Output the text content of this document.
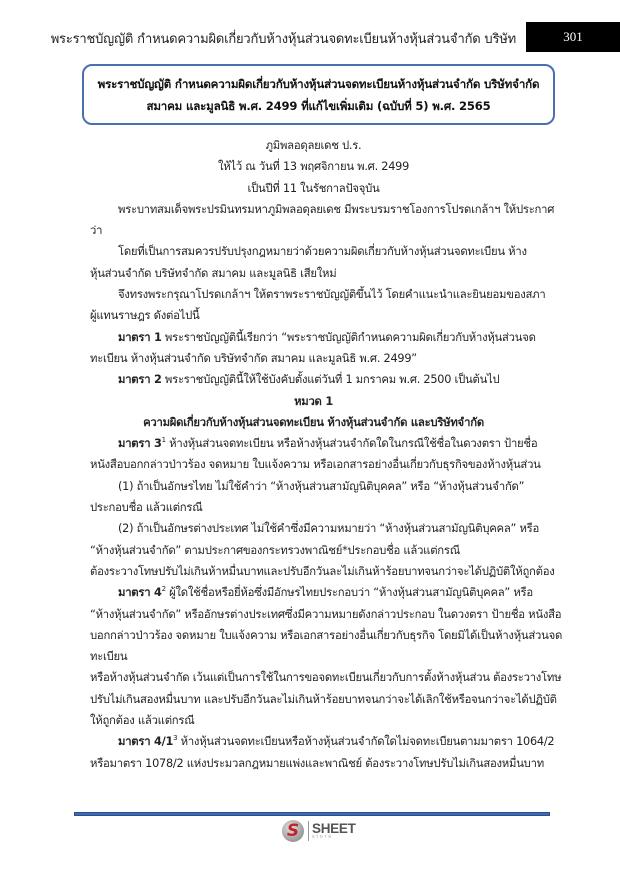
พระราชบัญญัติ กำหนดความผิดเกี่ยวกับห้างหุ้นส่วนจดทะเบียนห้างหุ้นส่วนจำกัด บริษัท	301
พระราชบัญญัติ กำหนดความผิดเกี่ยวกับห้างหุ้นส่วนจดทะเบียนห้างหุ้นส่วนจำกัด บริษัทจำกัด
สมาคม และมูลนิธิ พ.ศ. 2499 ที่แก้ไขเพิ่มเติม (ฉบับที่ 5) พ.ศ. 2565
ภูมิพลอดุลยเดช ป.ร.
ให้ไว้ ณ วันที่ 13 พฤศจิกายน พ.ศ. 2499
เป็นปีที่ 11 ในรัชกาลปัจจุบัน
พระบาทสมเด็จพระปรมินทรมหาภูมิพลอดุลยเดช มีพระบรมราชโองการโปรดเกล้าฯ ให้ประกาศ
ว่า
โดยที่เป็นการสมควรปรับปรุงกฎหมายว่าด้วยความผิดเกี่ยวกับห้างหุ้นส่วนจดทะเบียน ห้าง
หุ้นส่วนจำกัด บริษัทจำกัด สมาคม และมูลนิธิ เสียใหม่
จึงทรงพระกรุณาโปรดเกล้าฯ ให้ตราพระราชบัญญัติขึ้นไว้ โดยคำแนะนำและยินยอมของสภา
ผู้แทนราษฎร ดังต่อไปนี้
มาตรา 1 พระราชบัญญัตินี้เรียกว่า “พระราชบัญญัติกำหนดความผิดเกี่ยวกับห้างหุ้นส่วนจด
ทะเบียน ห้างหุ้นส่วนจำกัด บริษัทจำกัด สมาคม และมูลนิธิ พ.ศ. 2499”
มาตรา 2 พระราชบัญญัตินี้ให้ใช้บังคับตั้งแต่วันที่ 1 มกราคม พ.ศ. 2500 เป็นต้นไป
หมวด 1
ความผิดเกี่ยวกับห้างหุ้นส่วนจดทะเบียน ห้างหุ้นส่วนจำกัด และบริษัทจำกัด
มาตรา $3^1$ ห้างหุ้นส่วนจดทะเบียน หรือห้างหุ้นส่วนจำกัดใดในกรณีใช้ชื่อในดวงตรา ป้ายชื่อ
หนังสือบอกกล่าวป่าวร้อง จดหมาย ใบแจ้งความ หรือเอกสารอย่างอื่นเกี่ยวกับธุรกิจของห้างหุ้นส่วน
(1) ถ้าเป็นอักษรไทย ไม่ใช้คำว่า “ห้างหุ้นส่วนสามัญนิติบุคคล” หรือ “ห้างหุ้นส่วนจำกัด”
ประกอบชื่อ แล้วแต่กรณี
(2) ถ้าเป็นอักษรต่างประเทศ ไม่ใช้คำซึ่งมีความหมายว่า “ห้างหุ้นส่วนสามัญนิติบุคคล” หรือ
“ห้างหุ้นส่วนจำกัด” ตามประกาศของกระทรวงพาณิชย์*ประกอบชื่อ แล้วแต่กรณี
ต้องระวางโทษปรับไม่เกินห้าหมื่นบาทและปรับอีกวันละไม่เกินห้าร้อยบาทจนกว่าจะได้ปฏิบัติให้ถูกต้อง
มาตรา $4^2$ ผู้ใดใช้ชื่อหรือยี่ห้อซึ่งมีอักษรไทยประกอบว่า “ห้างหุ้นส่วนสามัญนิติบุคคล” หรือ
“ห้างหุ้นส่วนจำกัด” หรืออักษรต่างประเทศซึ่งมีความหมายดังกล่าวประกอบ ในดวงตรา ป้ายชื่อ หนังสือ
บอกกล่าวป่าวร้อง จดหมาย ใบแจ้งความ หรือเอกสารอย่างอื่นเกี่ยวกับธุรกิจ โดยมิได้เป็นห้างหุ้นส่วนจด
ทะเบียน
หรือห้างหุ้นส่วนจำกัด เว้นแต่เป็นการใช้ในการขอจดทะเบียนเกี่ยวกับการตั้งห้างหุ้นส่วน ต้องระวางโทษ
ปรับไม่เกินสองหมื่นบาท และปรับอีกวันละไม่เกินห้าร้อยบาทจนกว่าจะได้เลิกใช้หรือจนกว่าจะได้ปฏิบัติ
ให้ถูกต้อง แล้วแต่กรณี
มาตรา $4/1^3$ ห้างหุ้นส่วนจดทะเบียนหรือห้างหุ้นส่วนจำกัดใดไม่จดทะเบียนตามมาตรา 1064/2
หรือมาตรา 1078/2 แห่งประมวลกฎหมายแพ่งและพาณิชย์ ต้องระวางโทษปรับไม่เกินสองหมื่นบาท
S SHEET
store
